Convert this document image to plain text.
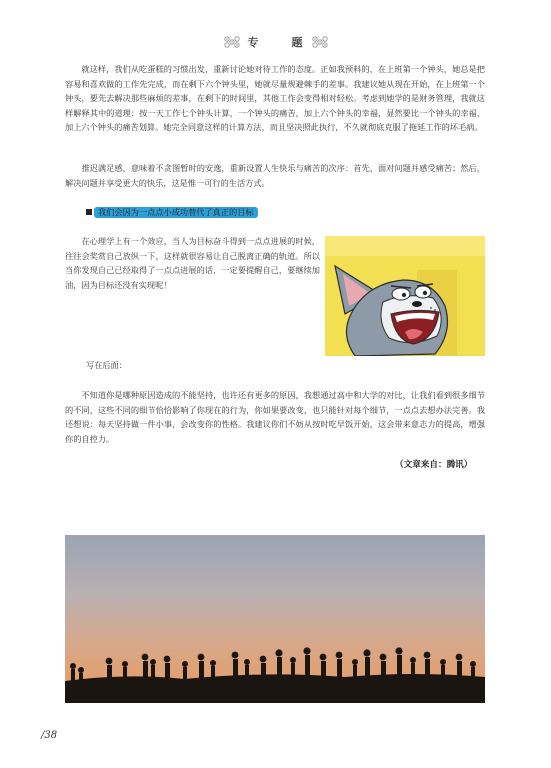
专	题

就这样，我们从吃蛋糕的习惯出发，重新讨论她对待工作的态度。正如我预料的，在上班第一个钟头，她总是把容易和喜欢做的工作先完成，而在剩下六个钟头里，她就尽量规避棘手的差事。我建议她从现在开始，在上班第一个钟头，要先去解决那些麻烦的差事，在剩下的时间里，其他工作会变得相对轻松。考虑到她学的是财务管理，我就这样解释其中的道理：按一天工作七个钟头计算，一个钟头的痛苦，加上六个钟头的幸福，显然要比一个钟头的幸福，加上六个钟头的痛苦划算。她完全同意这样的计算方法，而且坚决照此执行，不久就彻底克服了拖延工作的坏毛病。

推迟满足感，意味着不贪图暂时的安逸，重新设置人生快乐与痛苦的次序：首先，面对问题并感受痛苦；然后，解决问题并享受更大的快乐，这是惟一可行的生活方式。

我们会因为一点点小成功替代了真正的目标

在心理学上有一个效应，当人为目标奋斗得到一点点进展的时候，往往会奖赏自己放纵一下，这样就很容易让自己脱离正确的轨道。所以当你发现自己已经取得了一点点进展的话，一定要提醒自己，要继续加油，因为目标还没有实现呢！

写在后面：

不知道你是哪种原因造成的不能坚持，也许还有更多的原因，我想通过高中和大学的对比，让我们看到很多细节的不同，这些不同的细节恰恰影响了你现在的行为，你如果要改变，也只能针对每个细节，一点点去想办法完善。我还想说：每天坚持做一件小事，会改变你的性格。我建议你们不妨从按时吃早饭开始，这会带来意志力的提高，增强你的自控力。

（文章来自：腾讯）
/38
